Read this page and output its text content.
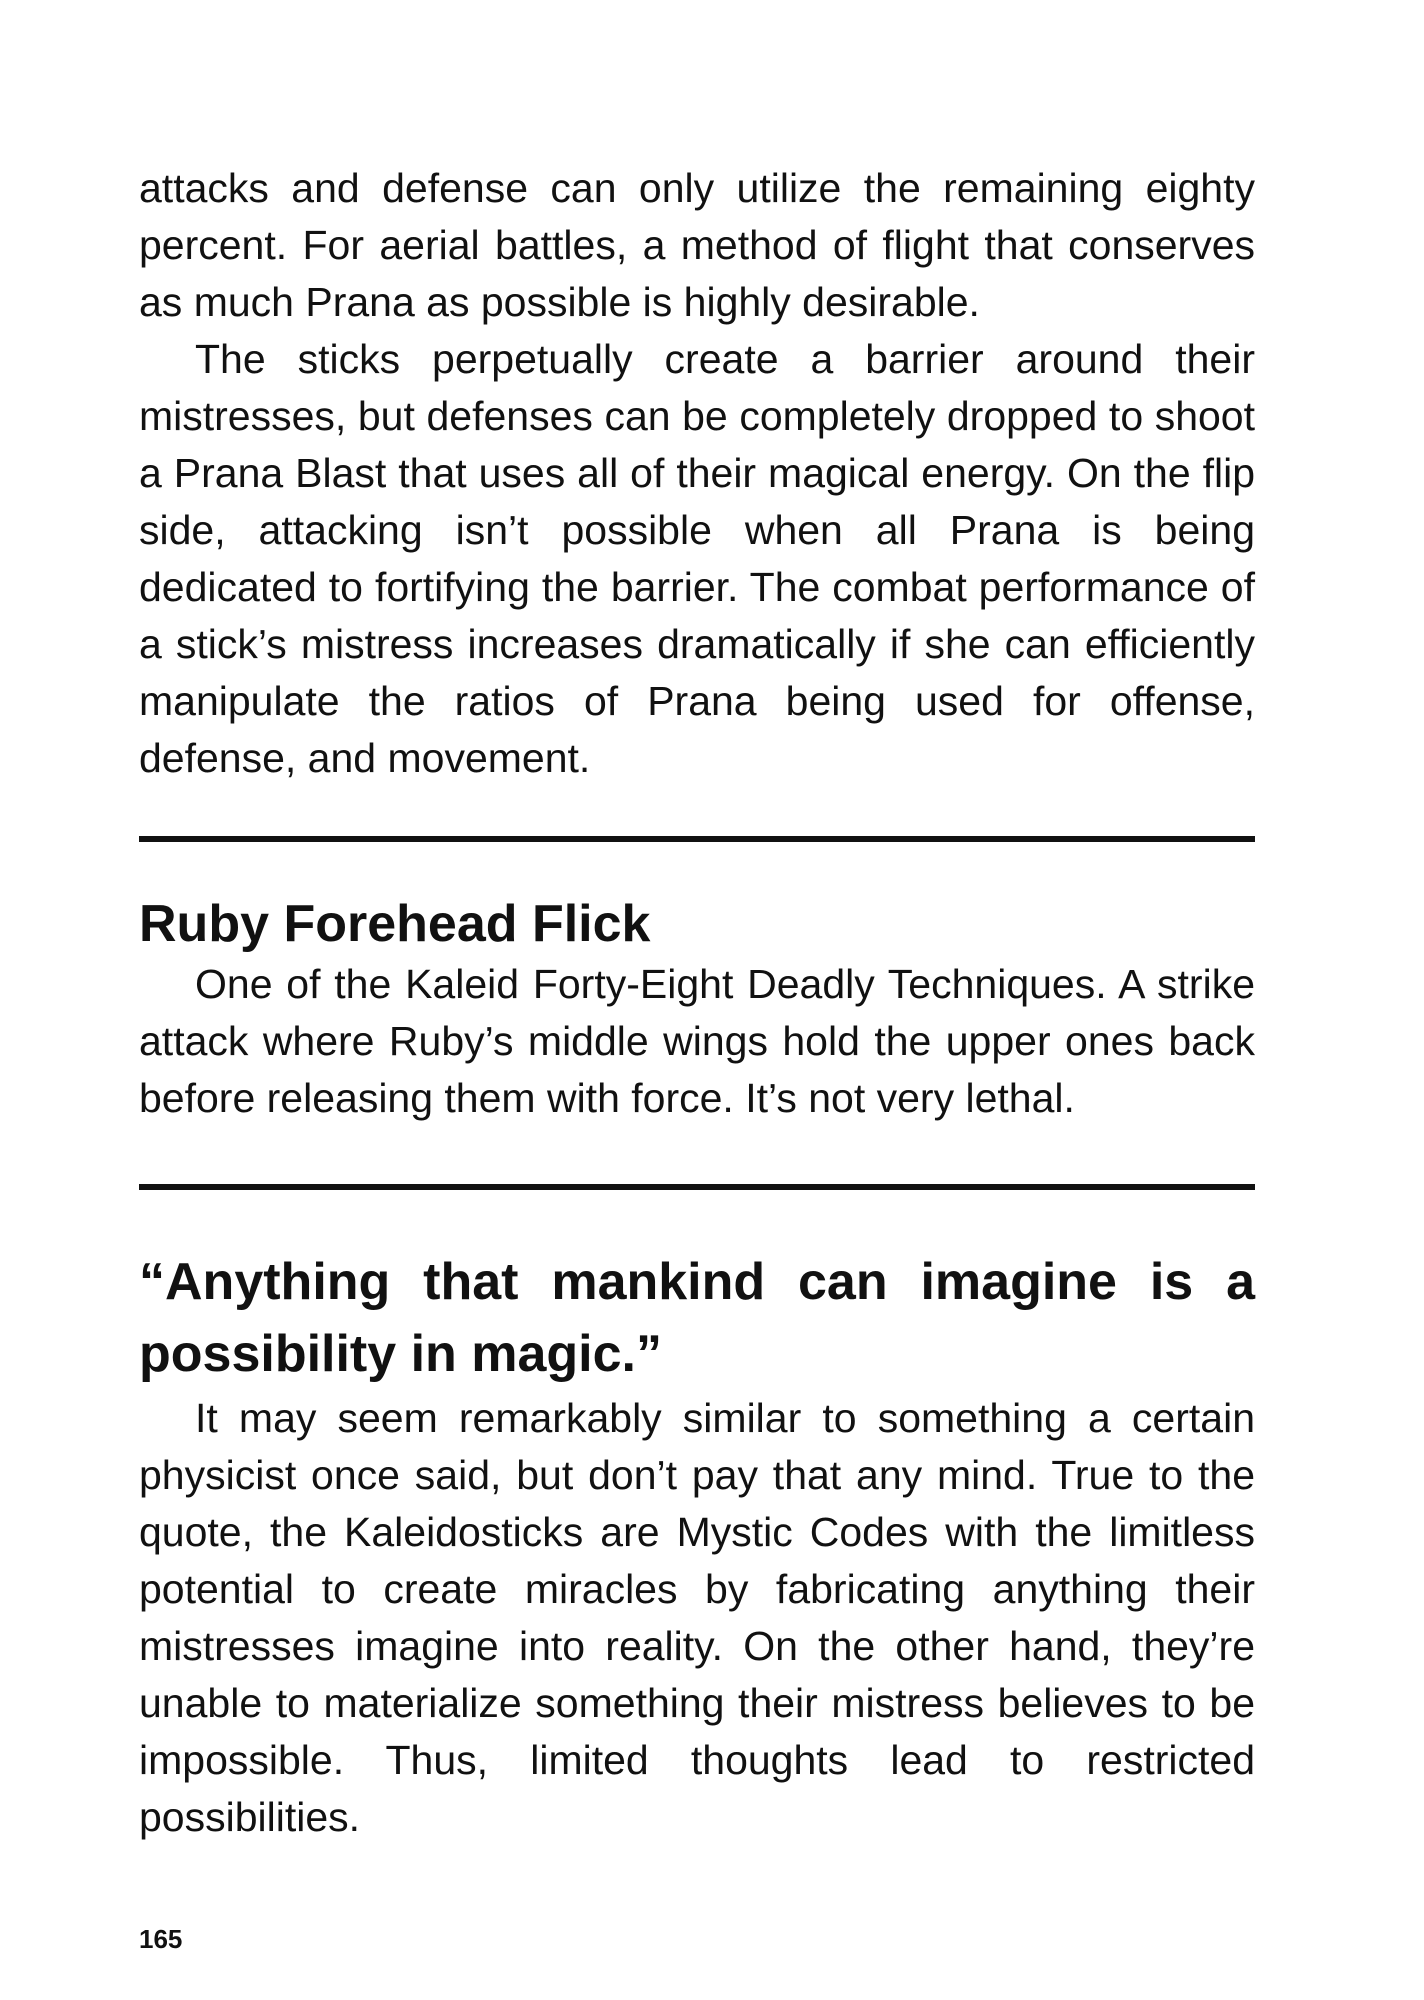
attacks and defense can only utilize the remaining eighty percent. For aerial battles, a method of flight that conserves as much Prana as possible is highly desirable.

The sticks perpetually create a barrier around their mistresses, but defenses can be completely dropped to shoot a Prana Blast that uses all of their magical energy. On the flip side, attacking isn’t possible when all Prana is being dedicated to fortifying the barrier. The combat performance of a stick’s mistress increases dramatically if she can efficiently manipulate the ratios of Prana being used for offense, defense, and movement.

Ruby Forehead Flick

One of the Kaleid Forty-Eight Deadly Techniques. A strike attack where Ruby’s middle wings hold the upper ones back before releasing them with force. It’s not very lethal.

“Anything that mankind can imagine is a possibility in magic.”

It may seem remarkably similar to something a certain physicist once said, but don’t pay that any mind. True to the quote, the Kaleidosticks are Mystic Codes with the limitless potential to create miracles by fabricating anything their mistresses imagine into reality. On the other hand, they’re unable to materialize something their mistress believes to be impossible. Thus, limited thoughts lead to restricted possibilities.

165
